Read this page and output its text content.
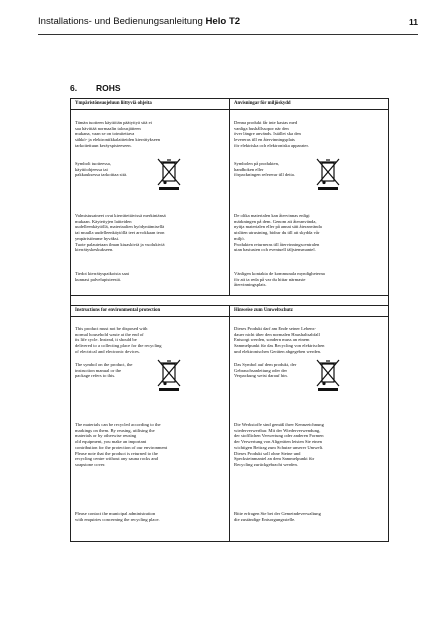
Installations- und Bedienungsanleitung Helo T2	11
6. ROHS
Ympäristönsuojeluun liittyviä ohjeita

Tämän tuotteen käyttöiän päätyttyä sitä ei
saa hävittää normaalin talousjätteen
mukana, vaan se on toimitettava
sähkö- ja elektroniikkalaitteiden kierrätykseen
tarkoitettuun keräyspisteeseen.

Symboli tuotteessa,
käyttöohjeessa tai
pakkauksessa tarkoittaa sitä.

Valmistusaineet ovat kierrätettävissä merkintänsä
mukaan. Käytettyjen laitteiden
uudelleenkäytöllä, materiaalien hyödyntämisellä
tai muulla uudelleenkäytöllä teet arvokkaan teon
ympäristömme hyväksi.
Tuote palautetaan ilman kiuaskiviä ja vuolukiviä
kierrätyskeskukseen.

Tiedot kierrätyspaikoista saat
kunnasi palvelupisteestä.

Anvisningar för miljöskydd

Denna produkt får inte kastas med
vanliga hushållssopor när den
över längre används. Istället ska den
levereras till en återvinningsplats
för elektriska och elektroniska apparater.

Symbolen på produkten,
handboken eller
förpackningen refererar till detta.

De olika materialen kan återvinnas enligt
märkningen på dem. Genom att återanvända,
nyttja materialen eller på annat sätt återanvända
utsliten utrustning, bidrar du till att skydda vår
miljö.
Produkten returneras till återvinningscentralen
utan bastusten och eventuell täljstensmantel.

Vänligen kontakta de kommunala myndigheterna
för att ta reda på var du hittar närmaste
återvinningsplats.

Instructions for environmental protection

This product must not be disposed with
normal household waste at the end of
its life cycle. Instead, it should be
delivered to a collecting place for the recycling
of electrical and electronic devices.

The symbol on the product, the
instruction manual or the
package refers to this.

The materials can be recycled according to the
markings on them. By reusing, utilising the
materials or by otherwise reusing
old equipment, you make an important
contribution for the protection of our environment
Please note that the product is returned to the
recycling centre without any sauna rocks and
soapstone cover.

Please contact the municipal administration
with enquiries concerning the recycling place.

Hinweise zum Umweltschutz

Dieses Produkt darf am Ende seiner Lebens-
dauer nicht über den normalen Haushaltsabfall
Entsorgt werden, sondern muss an einem
Sammelpunkt für das Recycling von elektrischen
und elektronischen Geräten abgegeben werden.

Das Symbol auf dem produkt, der
Gebrauchsanleitung oder der
Verpackung weist darauf hin.

Die Werkstoffe sind gemäß ihrer Kennzeichnung
wiederverwertbar. Mit der Wiederverwendung,
der stofflichen Verwertung oder anderen Formen
der Verwertung von Altgeräten leisten Sie einen
wichtigen Beitrag zum Schutze unserer Umwelt.
Dieses Produkt soll ohne Steine und
Specksteinmantel an dem Sammelpunkt für
Recycling zurückgebracht werden.

Bitte erfragen Sie bei der Gemeindeverwaltung
die zuständige Entsorgungsstelle.
